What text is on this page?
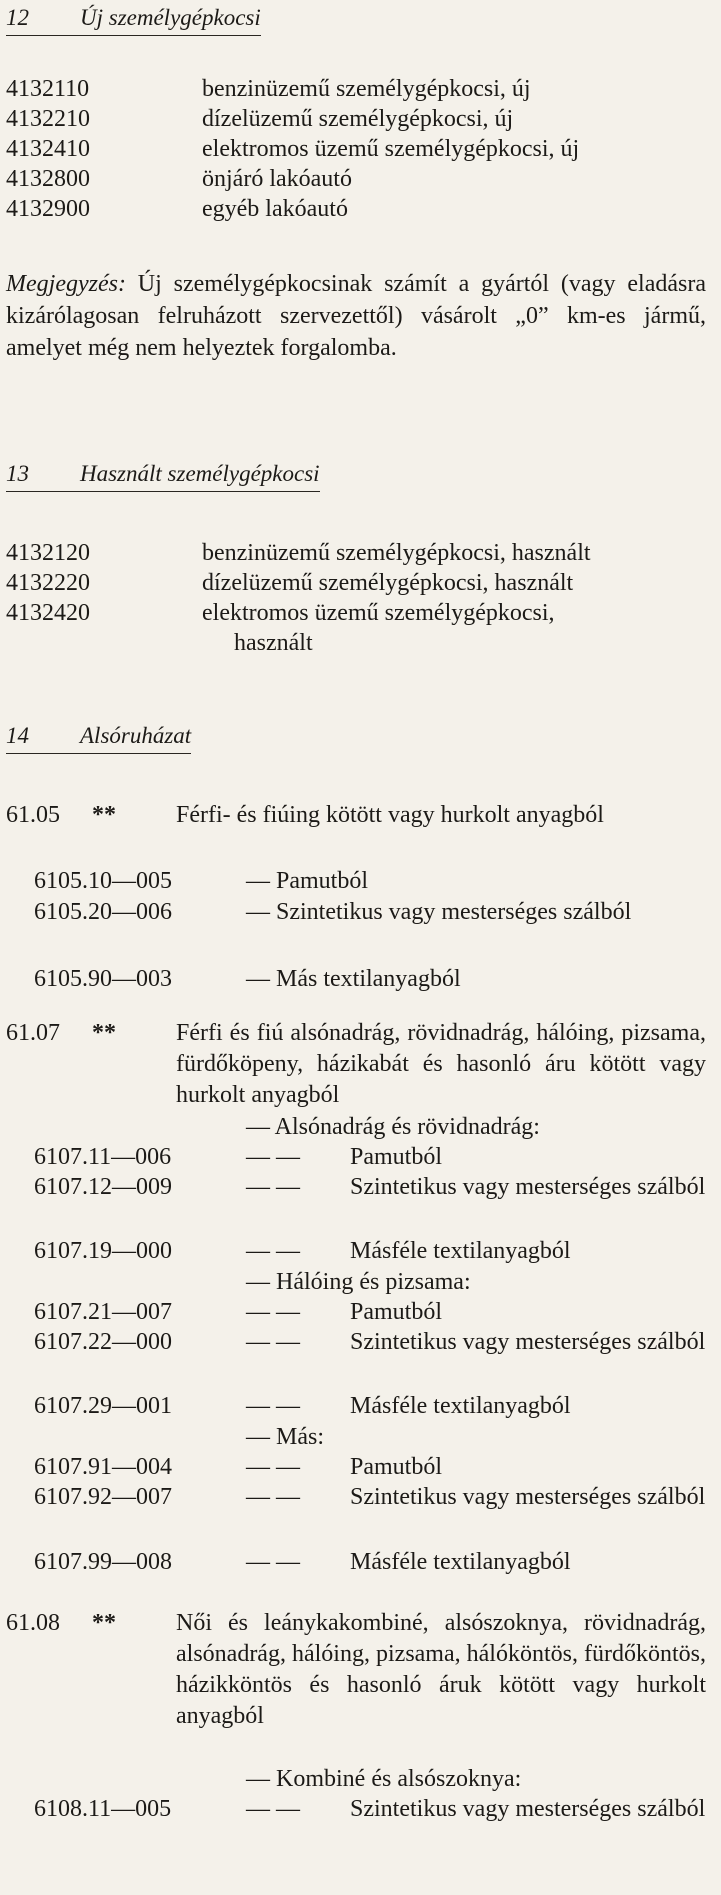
12 Új személygépkocsi
4132110	benzinüzemű személygépkocsi, új
4132210	dízelüzemű személygépkocsi, új
4132410	elektromos üzemű személygépkocsi, új
4132800	önjáró lakóautó
4132900	egyéb lakóautó
Megjegyzés: Új személygépkocsinak számít a gyártól (vagy eladásra kizárólagosan felruházott szervezettől) vásárolt „0” km-es jármű, amelyet még nem helyeztek forgalomba.
13 Használt személygépkocsi
4132120	benzinüzemű személygépkocsi, használt
4132220	dízelüzemű személygépkocsi, használt
4132420	elektromos üzemű személygépkocsi,
használt
14 Alsóruházat
61.05 **	Férfi- és fiúing kötött vagy hurkolt anyagból
6105.10—005	— Pamutból
6105.20—006	— Szintetikus vagy mesterséges szálból
6105.90—003	— Más textilanyagból
61.07 **	Férfi és fiú alsónadrág, rövidnadrág, hálóing, pizsama, fürdőköpeny, házikabát és hasonló áru kötött vagy hurkolt anyagból
— Alsónadrág és rövidnadrág:
6107.11—006	— — Pamutból
6107.12—009	— — Szintetikus vagy mesterséges szálból
6107.19—000	— — Másféle textilanyagból
— Hálóing és pizsama:
6107.21—007	— — Pamutból
6107.22—000	— — Szintetikus vagy mesterséges szálból
6107.29—001	— — Másféle textilanyagból
— Más:
6107.91—004	— — Pamutból
6107.92—007	— — Szintetikus vagy mesterséges szálból
6107.99—008	— — Másféle textilanyagból
61.08 **	Női és leánykakombiné, alsószoknya, rövidnadrág, alsónadrág, hálóing, pizsama, hálóköntös, fürdőköntös, házikköntös és hasonló áruk kötött vagy hurkolt anyagból
— Kombiné és alsószoknya:
6108.11—005	— — Szintetikus vagy mesterséges szálból
